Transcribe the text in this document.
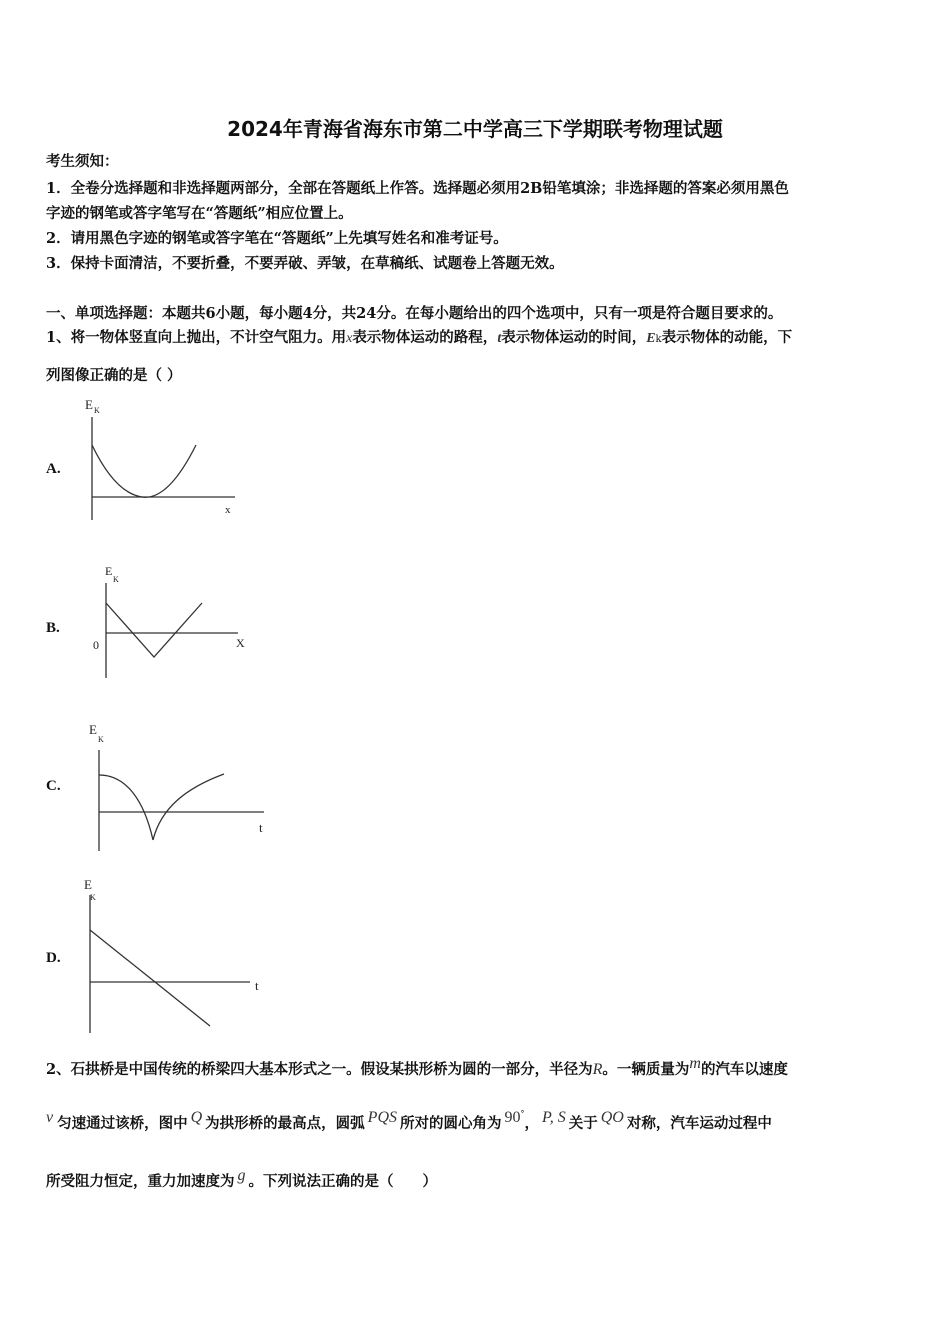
2024年青海省海东市第二中学高三下学期联考物理试题
考生须知：
1．全卷分选择题和非选择题两部分，全部在答题纸上作答。选择题必须用2B铅笔填涂；非选择题的答案必须用黑色
字迹的钢笔或答字笔写在“答题纸”相应位置上。
2．请用黑色字迹的钢笔或答字笔在“答题纸”上先填写姓名和准考证号。
3．保持卡面清洁，不要折叠，不要弄破、弄皱，在草稿纸、试题卷上答题无效。
一、单项选择题：本题共6小题，每小题4分，共24分。在每小题给出的四个选项中，只有一项是符合题目要求的。
1、将一物体竖直向上抛出，不计空气阻力。用x表示物体运动的路程，t表示物体运动的时间，Ek表示物体的动能，下
列图像正确的是（ ）
A.
E K
x
B.
E
K
X
0
C.
E
K
t
D.
E
K
t
2、石拱桥是中国传统的桥梁四大基本形式之一。假设某拱形桥为圆的一部分，半径为R。一辆质量为m的汽车以速度
v 匀速通过该桥，图中 Q 为拱形桥的最高点，圆弧 PQS 所对的圆心角为 90°， P, S 关于 QO 对称，汽车运动过程中
所受阻力恒定，重力加速度为 g 。下列说法正确的是（　　）
